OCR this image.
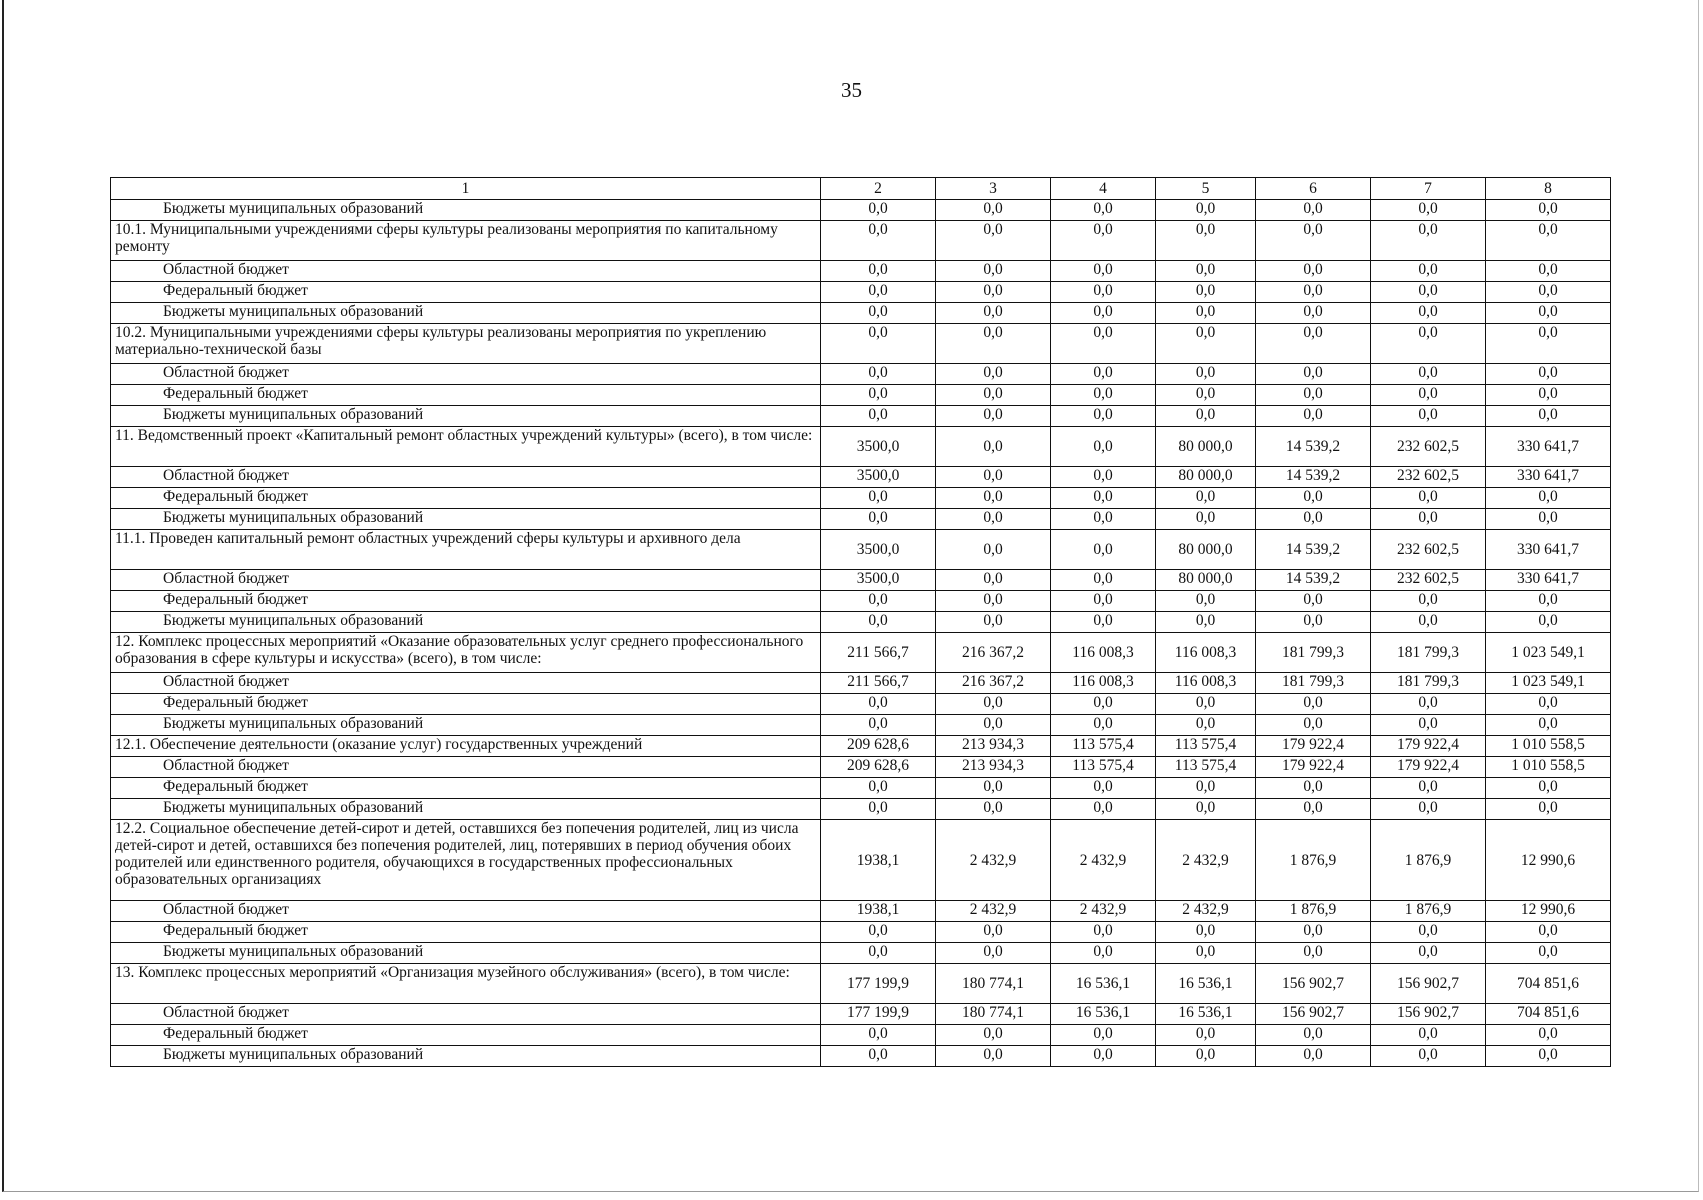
35
1	2	3	4	5	6	7	8
Бюджеты муниципальных образований	0,0	0,0	0,0	0,0	0,0	0,0	0,0
10.1. Муниципальными учреждениями сферы культуры реализованы мероприятия по капитальному ремонту	0,0	0,0	0,0	0,0	0,0	0,0	0,0
Областной бюджет	0,0	0,0	0,0	0,0	0,0	0,0	0,0
Федеральный бюджет	0,0	0,0	0,0	0,0	0,0	0,0	0,0
Бюджеты муниципальных образований	0,0	0,0	0,0	0,0	0,0	0,0	0,0
10.2. Муниципальными учреждениями сферы культуры реализованы мероприятия по укреплению материально-технической базы	0,0	0,0	0,0	0,0	0,0	0,0	0,0
Областной бюджет	0,0	0,0	0,0	0,0	0,0	0,0	0,0
Федеральный бюджет	0,0	0,0	0,0	0,0	0,0	0,0	0,0
Бюджеты муниципальных образований	0,0	0,0	0,0	0,0	0,0	0,0	0,0
11. Ведомственный проект «Капитальный ремонт областных учреждений культуры» (всего), в том числе:	3500,0	0,0	0,0	80 000,0	14 539,2	232 602,5	330 641,7
Областной бюджет	3500,0	0,0	0,0	80 000,0	14 539,2	232 602,5	330 641,7
Федеральный бюджет	0,0	0,0	0,0	0,0	0,0	0,0	0,0
Бюджеты муниципальных образований	0,0	0,0	0,0	0,0	0,0	0,0	0,0
11.1. Проведен капитальный ремонт областных учреждений сферы культуры и архивного дела	3500,0	0,0	0,0	80 000,0	14 539,2	232 602,5	330 641,7
Областной бюджет	3500,0	0,0	0,0	80 000,0	14 539,2	232 602,5	330 641,7
Федеральный бюджет	0,0	0,0	0,0	0,0	0,0	0,0	0,0
Бюджеты муниципальных образований	0,0	0,0	0,0	0,0	0,0	0,0	0,0
12. Комплекс процессных мероприятий «Оказание образовательных услуг среднего профессионального образования в сфере культуры и искусства» (всего), в том числе:	211 566,7	216 367,2	116 008,3	116 008,3	181 799,3	181 799,3	1 023 549,1
Областной бюджет	211 566,7	216 367,2	116 008,3	116 008,3	181 799,3	181 799,3	1 023 549,1
Федеральный бюджет	0,0	0,0	0,0	0,0	0,0	0,0	0,0
Бюджеты муниципальных образований	0,0	0,0	0,0	0,0	0,0	0,0	0,0
12.1. Обеспечение деятельности (оказание услуг) государственных учреждений	209 628,6	213 934,3	113 575,4	113 575,4	179 922,4	179 922,4	1 010 558,5
Областной бюджет	209 628,6	213 934,3	113 575,4	113 575,4	179 922,4	179 922,4	1 010 558,5
Федеральный бюджет	0,0	0,0	0,0	0,0	0,0	0,0	0,0
Бюджеты муниципальных образований	0,0	0,0	0,0	0,0	0,0	0,0	0,0
12.2. Социальное обеспечение детей-сирот и детей, оставшихся без попечения родителей, лиц из числа детей-сирот и детей, оставшихся без попечения родителей, лиц, потерявших в период обучения обоих родителей или единственного родителя, обучающихся в государственных профессиональных образовательных организациях	1938,1	2 432,9	2 432,9	2 432,9	1 876,9	1 876,9	12 990,6
Областной бюджет	1938,1	2 432,9	2 432,9	2 432,9	1 876,9	1 876,9	12 990,6
Федеральный бюджет	0,0	0,0	0,0	0,0	0,0	0,0	0,0
Бюджеты муниципальных образований	0,0	0,0	0,0	0,0	0,0	0,0	0,0
13. Комплекс процессных мероприятий «Организация музейного обслуживания» (всего), в том числе:	177 199,9	180 774,1	16 536,1	16 536,1	156 902,7	156 902,7	704 851,6
Областной бюджет	177 199,9	180 774,1	16 536,1	16 536,1	156 902,7	156 902,7	704 851,6
Федеральный бюджет	0,0	0,0	0,0	0,0	0,0	0,0	0,0
Бюджеты муниципальных образований	0,0	0,0	0,0	0,0	0,0	0,0	0,0
